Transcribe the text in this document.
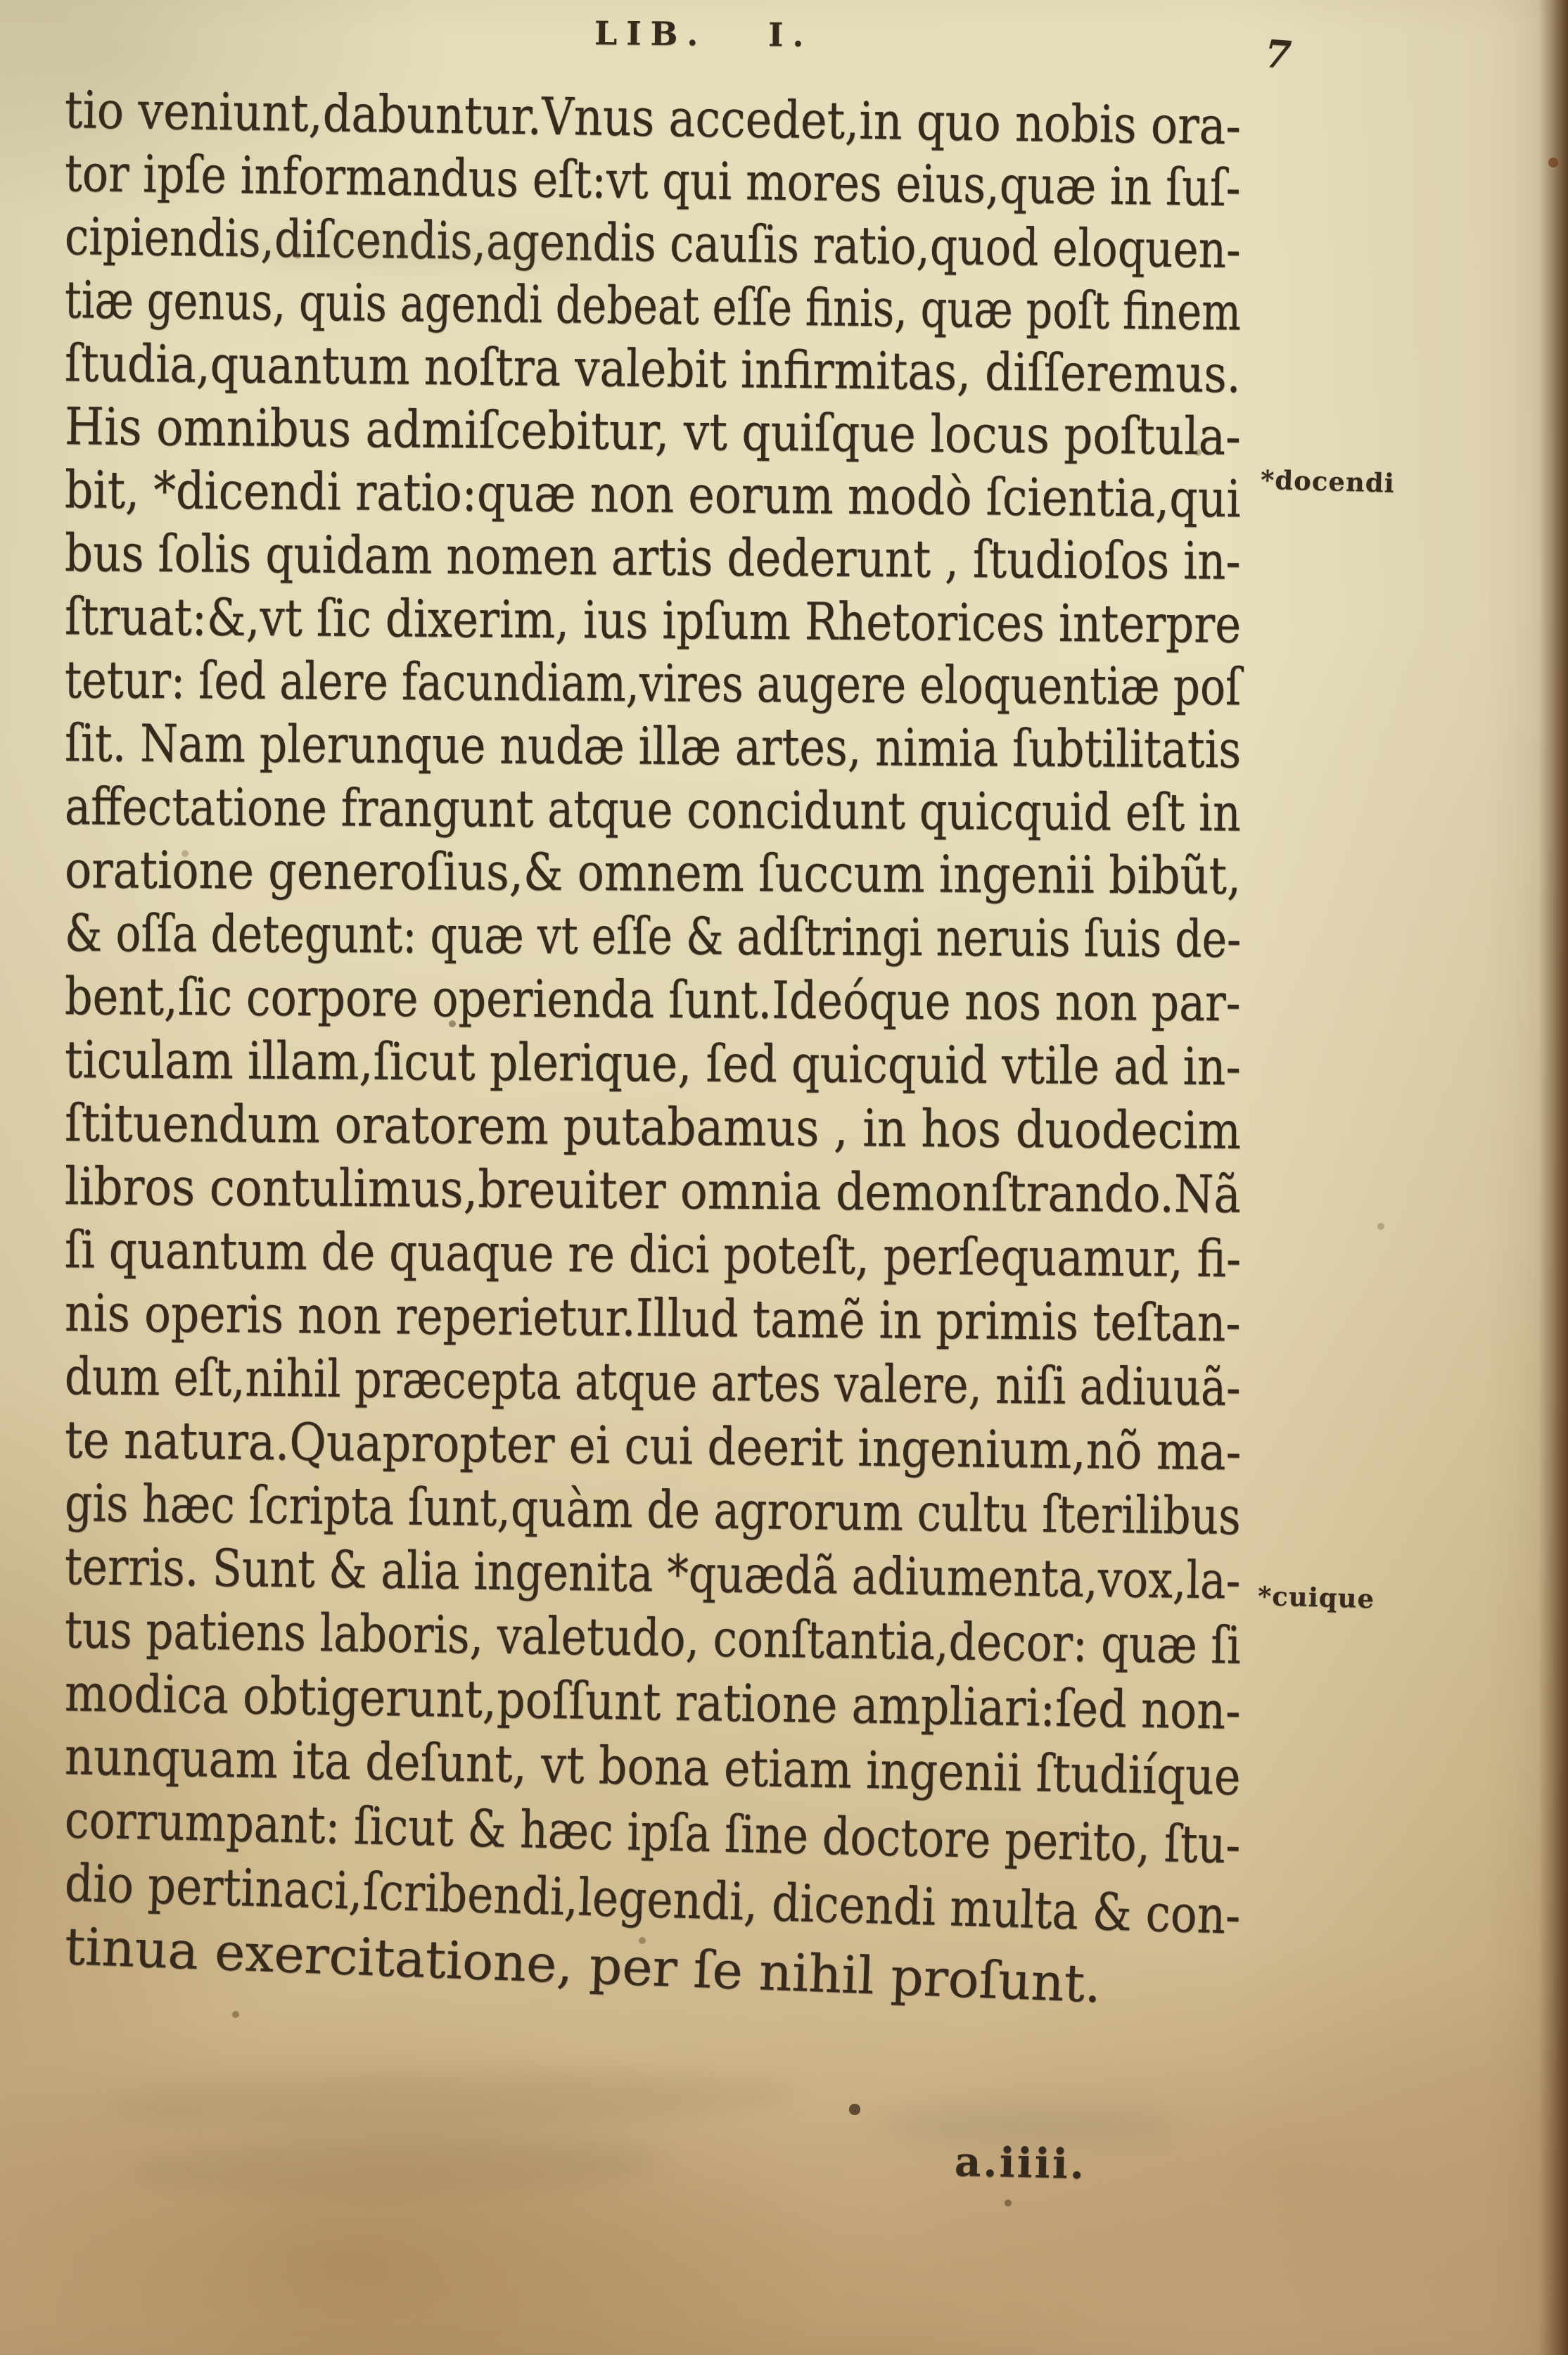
LIB. I.	7
tio veniunt,dabuntur.Vnus accedet,in quo nobis ora-
tor ipſe informandus eſt:vt qui mores eius,quæ in ſuſ-
cipiendis,diſcendis,agendis cauſis ratio,quod eloquen-
tiæ genus, quis agendi debeat eſſe finis, quæ poſt finem
ſtudia,quantum noſtra valebit infirmitas, diſſeremus.
His omnibus admiſcebitur, vt quiſque locus poſtula-
bit, *dicendi ratio:quæ non eorum modò ſcientia,qui
bus ſolis quidam nomen artis dederunt , ſtudioſos in-
ſtruat:&,vt ſic dixerim, ius ipſum Rhetorices interpre
tetur: ſed alere facundiam,vires augere eloquentiæ poſ
ſit. Nam plerunque nudæ illæ artes, nimia ſubtilitatis
affectatione frangunt atque concidunt quicquid eſt in
oratione generoſius,& omnem ſuccum ingenii bibũt,
& oſſa detegunt: quæ vt eſſe & adſtringi neruis ſuis de-
bent,ſic corpore operienda ſunt.Ideóque nos non par-
ticulam illam,ſicut plerique, ſed quicquid vtile ad in-
ſtituendum oratorem putabamus , in hos duodecim
libros contulimus,breuiter omnia demonſtrando.Nã
ſi quantum de quaque re dici poteſt, perſequamur, fi-
nis operis non reperietur.Illud tamẽ in primis teſtan-
dum eſt,nihil præcepta atque artes valere, niſi adiuuã-
te natura.Quapropter ei cui deerit ingenium,nõ ma-
gis hæc ſcripta ſunt,quàm de agrorum cultu ſterilibus
terris. Sunt & alia ingenita *quædã adiumenta,vox,la-
tus patiens laboris, valetudo, conſtantia,decor: quæ ſi
modica obtigerunt,poſſunt ratione ampliari:ſed non-
nunquam ita deſunt, vt bona etiam ingenii ſtudiíque
corrumpant: ſicut & hæc ipſa ſine doctore perito, ſtu-
dio pertinaci,ſcribendi,legendi, dicendi multa & con-
tinua exercitatione, per ſe nihil proſunt.
*docendi
*cuique
a.iiii.
